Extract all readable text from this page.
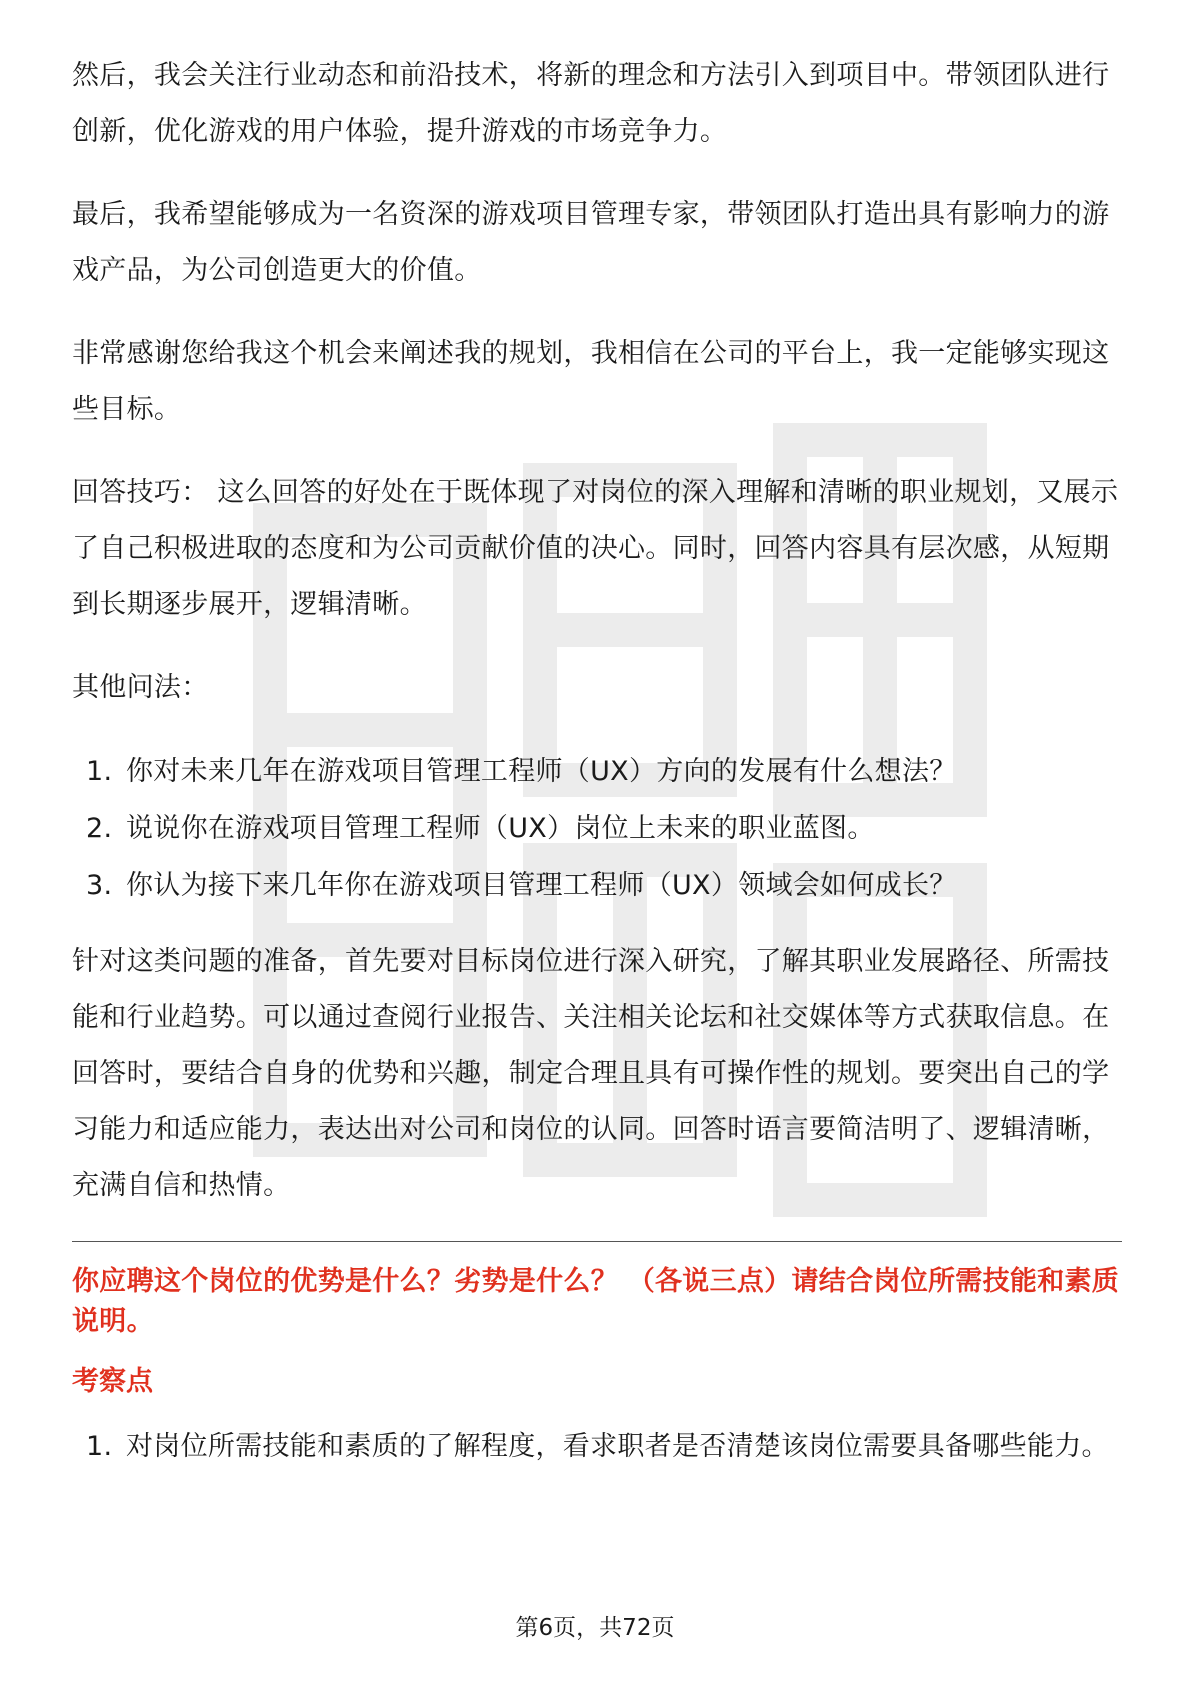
然后，我会关注行业动态和前沿技术，将新的理念和方法引入到项目中。带领团队进行创新，优化游戏的用户体验，提升游戏的市场竞争力。

最后，我希望能够成为一名资深的游戏项目管理专家，带领团队打造出具有影响力的游戏产品，为公司创造更大的价值。

非常感谢您给我这个机会来阐述我的规划，我相信在公司的平台上，我一定能够实现这些目标。

回答技巧： 这么回答的好处在于既体现了对岗位的深入理解和清晰的职业规划，又展示了自己积极进取的态度和为公司贡献价值的决心。同时，回答内容具有层次感，从短期到长期逐步展开，逻辑清晰。

其他问法：

1. 你对未来几年在游戏项目管理工程师（UX）方向的发展有什么想法？
2. 说说你在游戏项目管理工程师（UX）岗位上未来的职业蓝图。
3. 你认为接下来几年你在游戏项目管理工程师（UX）领域会如何成长？

针对这类问题的准备，首先要对目标岗位进行深入研究，了解其职业发展路径、所需技能和行业趋势。可以通过查阅行业报告、关注相关论坛和社交媒体等方式获取信息。在回答时，要结合自身的优势和兴趣，制定合理且具有可操作性的规划。要突出自己的学习能力和适应能力，表达出对公司和岗位的认同。回答时语言要简洁明了、逻辑清晰，充满自信和热情。

你应聘这个岗位的优势是什么？劣势是什么？ （各说三点）请结合岗位所需技能和素质说明。
考察点
1. 对岗位所需技能和素质的了解程度，看求职者是否清楚该岗位需要具备哪些能力。
第6页，共72页
